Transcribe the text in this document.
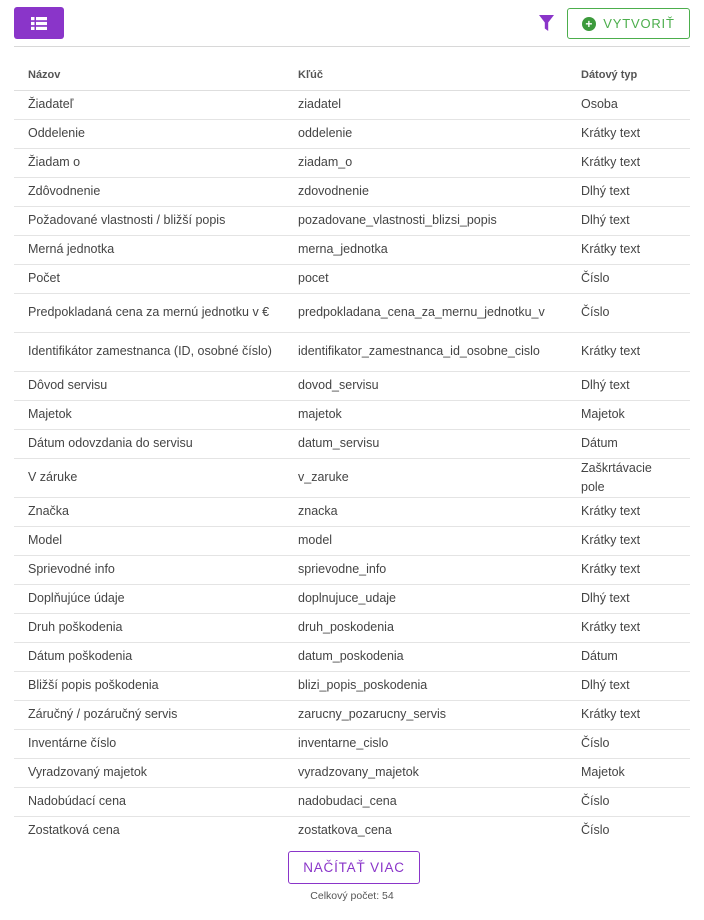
+ VYTVORIŤ
Názov	Kľúč	Dátový typ
Žiadateľ	ziadatel	Osoba
Oddelenie	oddelenie	Krátky text
Žiadam o	ziadam_o	Krátky text
Zdôvodnenie	zdovodnenie	Dlhý text
Požadované vlastnosti / bližší popis	pozadovane_vlastnosti_blizsi_popis	Dlhý text
Merná jednotka	merna_jednotka	Krátky text
Počet	pocet	Číslo
Predpokladaná cena za mernú jednotku v €	predpokladana_cena_za_mernu_jednotku_v	Číslo
Identifikátor zamestnanca (ID, osobné číslo)	identifikator_zamestnanca_id_osobne_cislo	Krátky text
Dôvod servisu	dovod_servisu	Dlhý text
Majetok	majetok	Majetok
Dátum odovzdania do servisu	datum_servisu	Dátum
V záruke	v_zaruke	Zaškrtávacie pole
Značka	znacka	Krátky text
Model	model	Krátky text
Sprievodné info	sprievodne_info	Krátky text
Doplňujúce údaje	doplnujuce_udaje	Dlhý text
Druh poškodenia	druh_poskodenia	Krátky text
Dátum poškodenia	datum_poskodenia	Dátum
Bližší popis poškodenia	blizi_popis_poskodenia	Dlhý text
Záručný / pozáručný servis	zarucny_pozarucny_servis	Krátky text
Inventárne číslo	inventarne_cislo	Číslo
Vyradzovaný majetok	vyradzovany_majetok	Majetok
Nadobúdací cena	nadobudaci_cena	Číslo
Zostatková cena	zostatkova_cena	Číslo
NAČÍTAŤ VIAC
Celkový počet: 54
